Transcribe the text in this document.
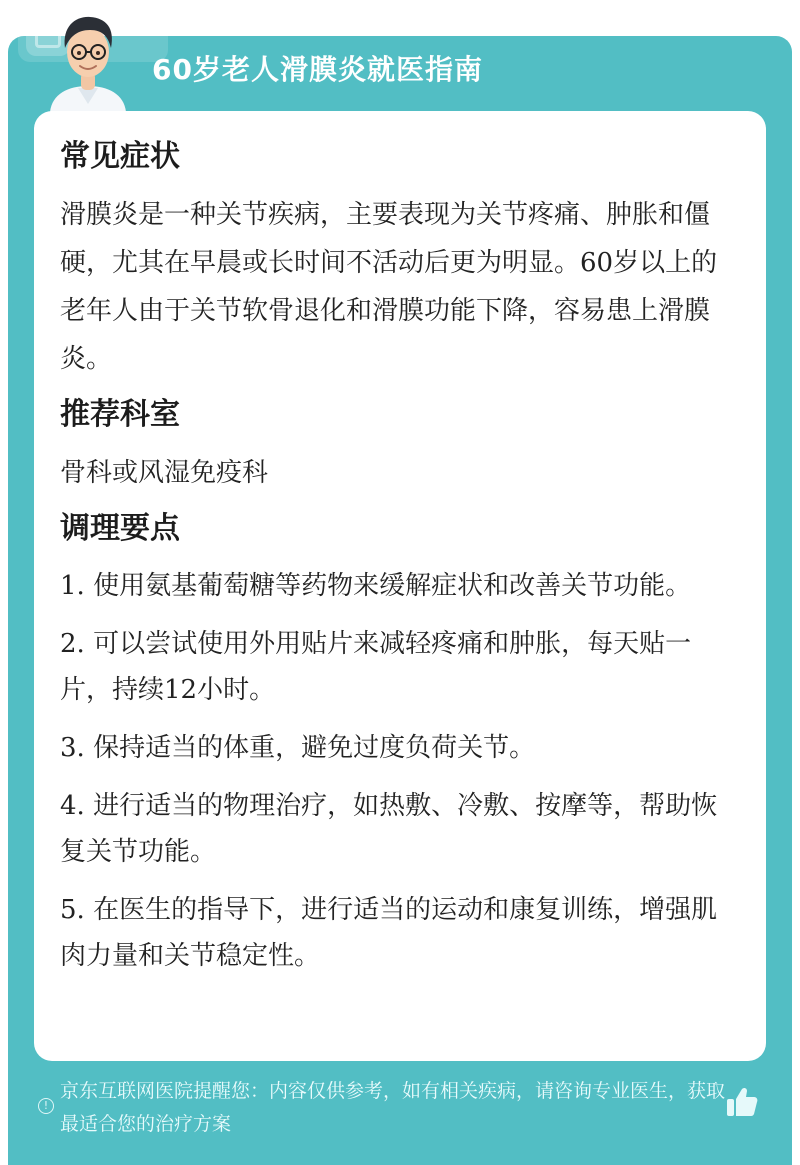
60岁老人滑膜炎就医指南
常见症状
滑膜炎是一种关节疾病，主要表现为关节疼痛、肿胀和僵硬，尤其在早晨或长时间不活动后更为明显。60岁以上的老年人由于关节软骨退化和滑膜功能下降，容易患上滑膜炎。
推荐科室
骨科或风湿免疫科
调理要点
1. 使用氨基葡萄糖等药物来缓解症状和改善关节功能。
2. 可以尝试使用外用贴片来减轻疼痛和肿胀，每天贴一片，持续12小时。
3. 保持适当的体重，避免过度负荷关节。
4. 进行适当的物理治疗，如热敷、冷敷、按摩等，帮助恢复关节功能。
5. 在医生的指导下，进行适当的运动和康复训练，增强肌肉力量和关节稳定性。
!
京东互联网医院提醒您：内容仅供参考，如有相关疾病，请咨询专业医生，获取最适合您的治疗方案
